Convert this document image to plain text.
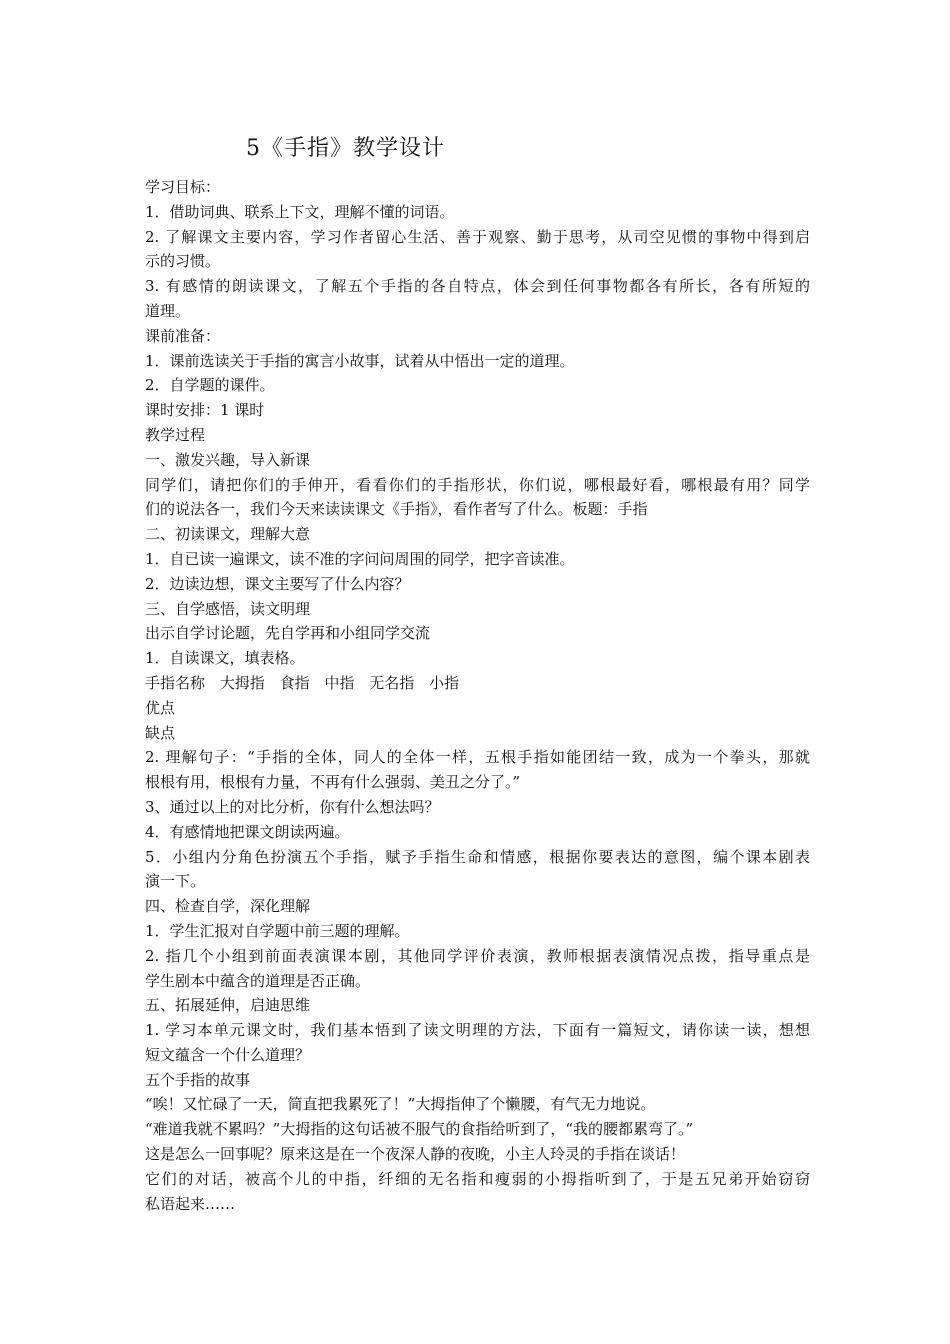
5《手指》教学设计
学习目标：
1．借助词典、联系上下文，理解不懂的词语。
2. 了解课文主要内容，学习作者留心生活、善于观察、勤于思考，从司空见惯的事物中得到启
示的习惯。
3. 有感情的朗读课文，了解五个手指的各自特点，体会到任何事物都各有所长，各有所短的
道理。
课前准备：
1．课前选读关于手指的寓言小故事，试着从中悟出一定的道理。
2．自学题的课件。
课时安排：1 课时
教学过程
一、激发兴趣，导入新课
同学们，请把你们的手伸开，看看你们的手指形状，你们说，哪根最好看，哪根最有用？同学
们的说法各一，我们今天来读读课文《手指》，看作者写了什么。板题：手指
二、初读课文，理解大意
1．自已读一遍课文，读不准的字问问周围的同学，把字音读准。
2．边读边想，课文主要写了什么内容？
三、自学感悟，读文明理
出示自学讨论题，先自学再和小组同学交流
1．自读课文，填表格。
手指名称 大拇指 食指 中指 无名指 小指
优点
缺点
2. 理解句子：“手指的全体，同人的全体一样，五根手指如能团结一致，成为一个拳头，那就
根根有用，根根有力量，不再有什么强弱、美丑之分了。”
3、通过以上的对比分析，你有什么想法吗？
4．有感情地把课文朗读两遍。
5．小组内分角色扮演五个手指，赋予手指生命和情感，根据你要表达的意图，编个课本剧表
演一下。
四、检查自学，深化理解
1．学生汇报对自学题中前三题的理解。
2. 指几个小组到前面表演课本剧，其他同学评价表演，教师根据表演情况点拨，指导重点是
学生剧本中蕴含的道理是否正确。
五、拓展延伸，启迪思维
1. 学习本单元课文时，我们基本悟到了读文明理的方法，下面有一篇短文，请你读一读，想想
短文蕴含一个什么道理？
五个手指的故事
“唉！又忙碌了一天，简直把我累死了！”大拇指伸了个懒腰，有气无力地说。
“难道我就不累吗？”大拇指的这句话被不服气的食指给听到了，“我的腰都累弯了。”
这是怎么一回事呢？原来这是在一个夜深人静的夜晚，小主人玲灵的手指在谈话！
它们的对话，被高个儿的中指，纤细的无名指和瘦弱的小拇指听到了，于是五兄弟开始窃窃
私语起来……
